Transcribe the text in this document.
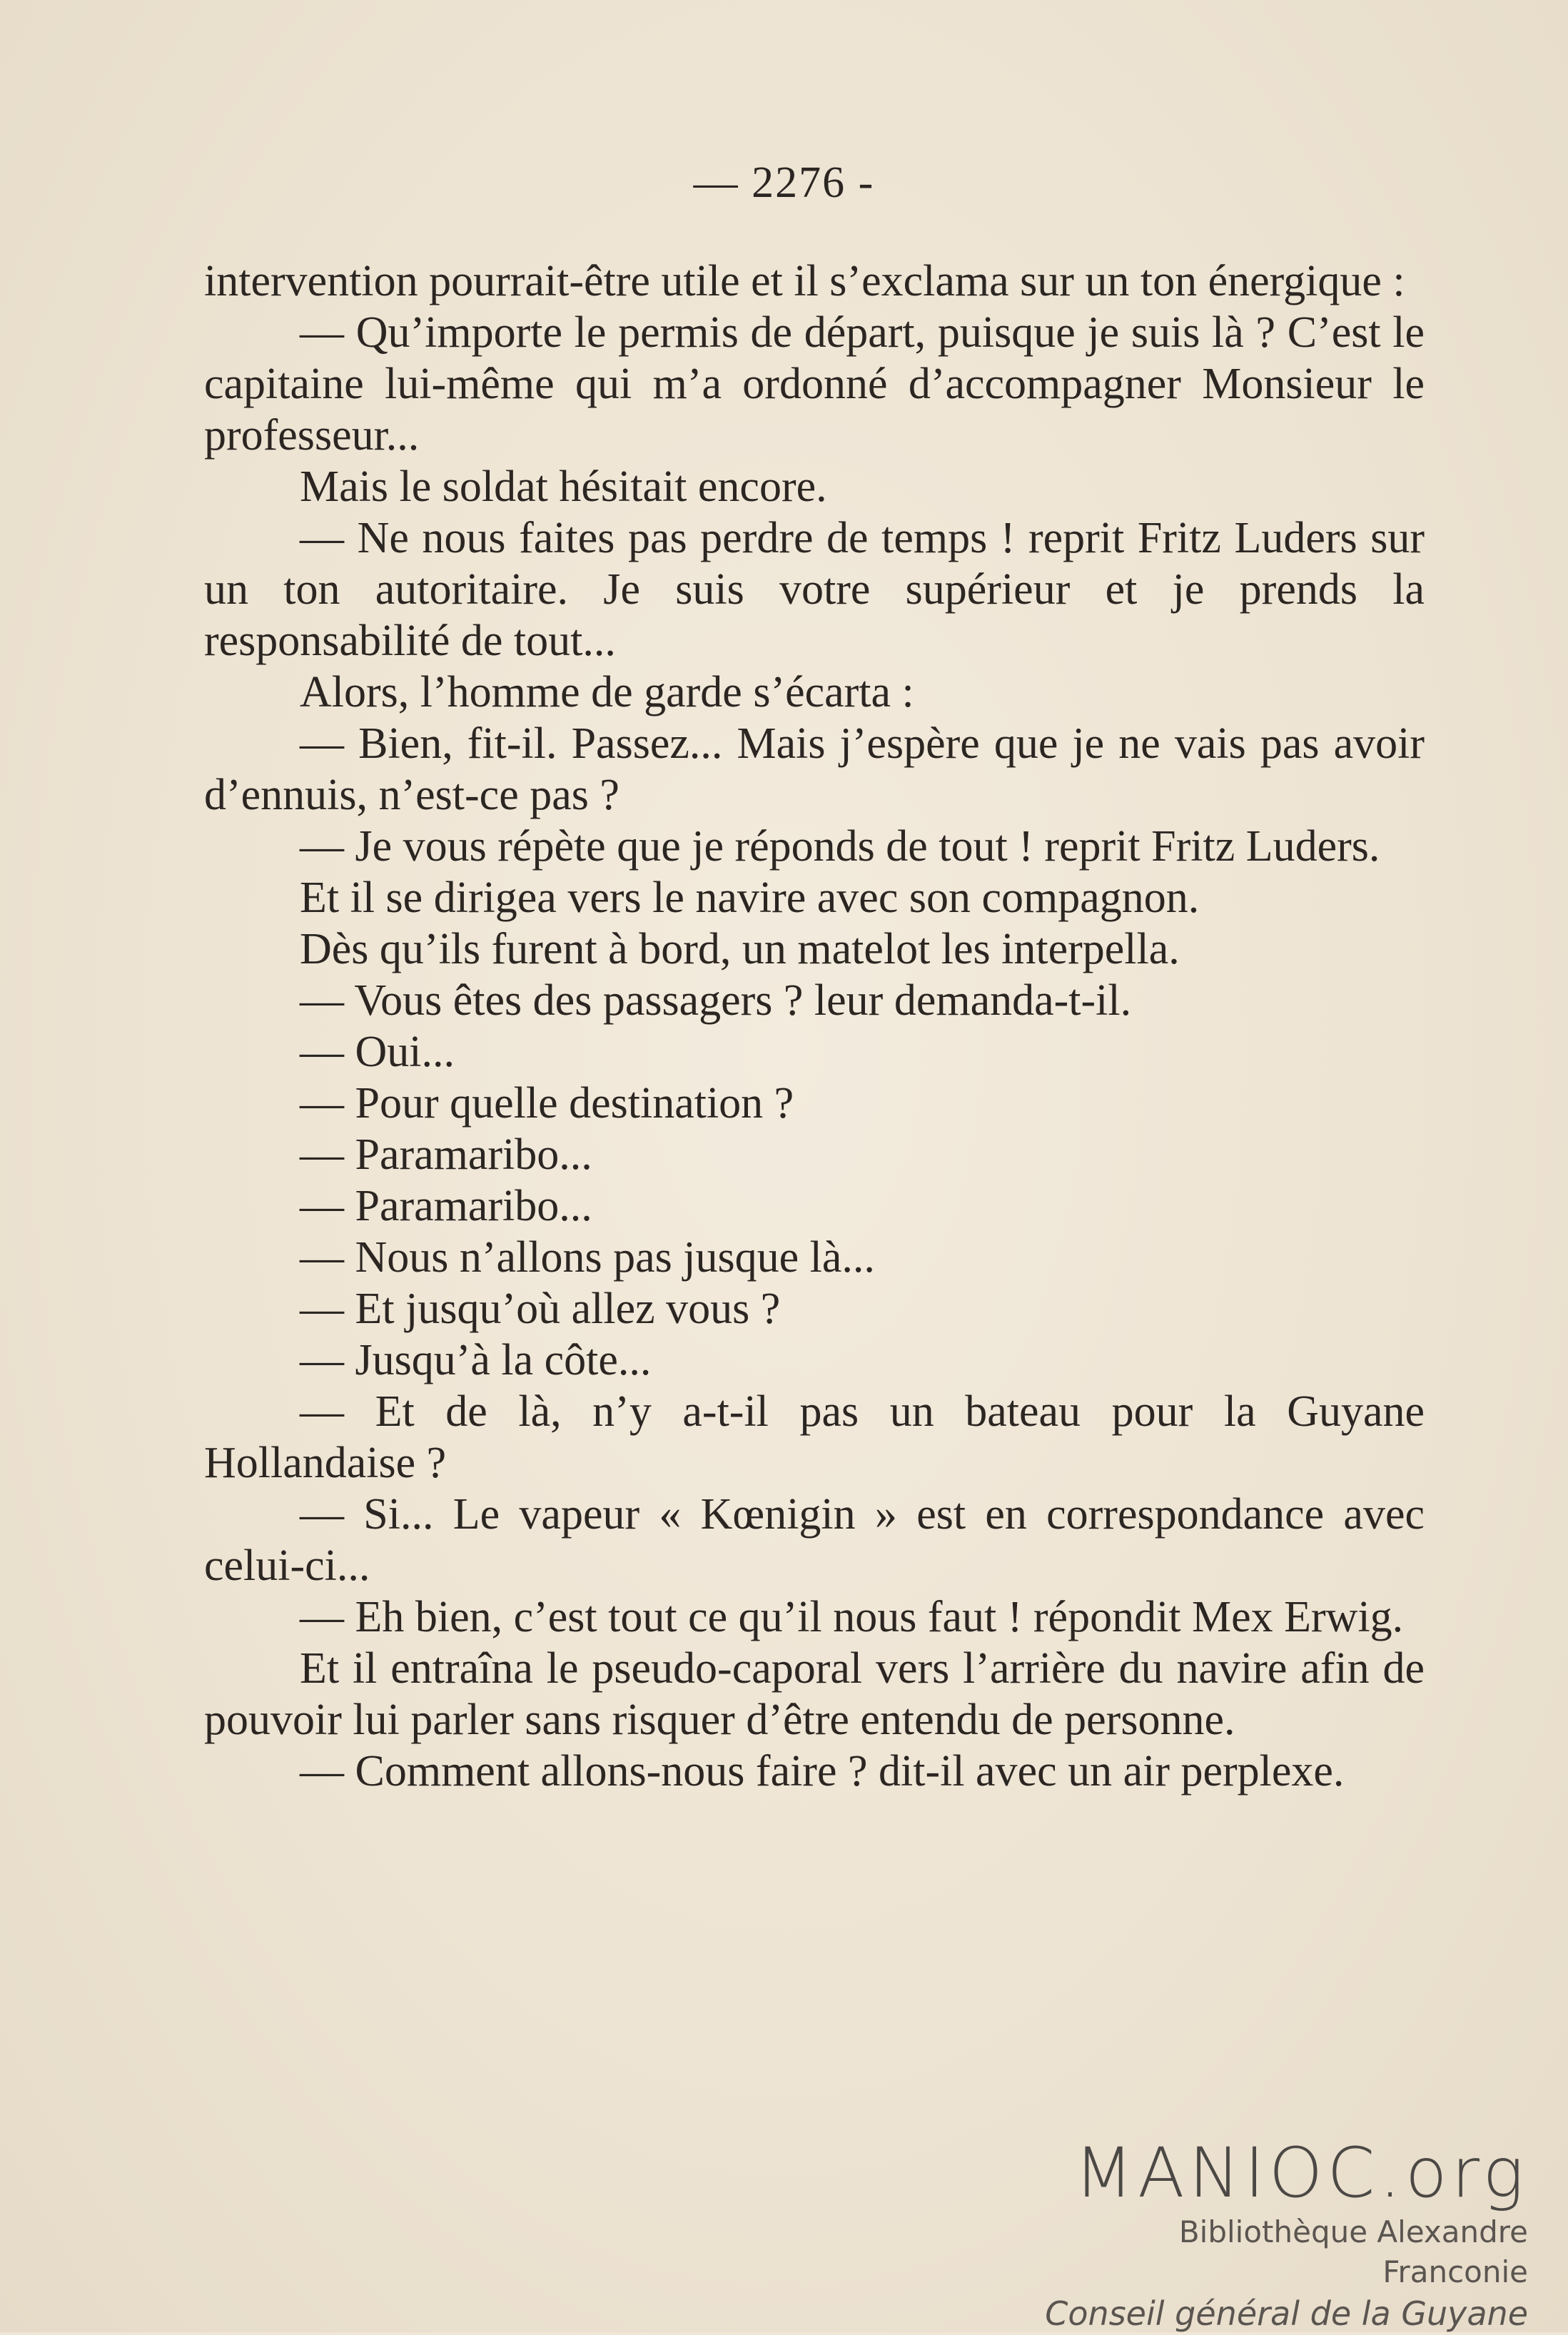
— 2276 -

intervention pourrait-être utile et il s’exclama sur un ton énergique :

— Qu’importe le permis de départ, puisque je suis là ? C’est le capitaine lui-même qui m’a ordonné d’accompagner Monsieur le professeur...

Mais le soldat hésitait encore.

— Ne nous faites pas perdre de temps ! reprit Fritz Luders sur un ton autoritaire. Je suis votre supérieur et je prends la responsabilité de tout...

Alors, l’homme de garde s’écarta :

— Bien, fit-il. Passez... Mais j’espère que je ne vais pas avoir d’ennuis, n’est-ce pas ?

— Je vous répète que je réponds de tout ! reprit Fritz Luders.

Et il se dirigea vers le navire avec son compagnon.

Dès qu’ils furent à bord, un matelot les interpella.

— Vous êtes des passagers ? leur demanda-t-il.

— Oui...

— Pour quelle destination ?

— Paramaribo...

— Paramaribo...

— Nous n’allons pas jusque là...

— Et jusqu’où allez vous ?

— Jusqu’à la côte...

— Et de là, n’y a-t-il pas un bateau pour la Guyane Hollandaise ?

— Si... Le vapeur « Kœnigin » est en correspondance avec celui-ci...

— Eh bien, c’est tout ce qu’il nous faut ! répondit Mex Erwig.

Et il entraîna le pseudo-caporal vers l’arrière du navire afin de pouvoir lui parler sans risquer d’être entendu de personne.

— Comment allons-nous faire ? dit-il avec un air perplexe.

MANIOC.org
Bibliothèque Alexandre Franconie
Conseil général de la Guyane
